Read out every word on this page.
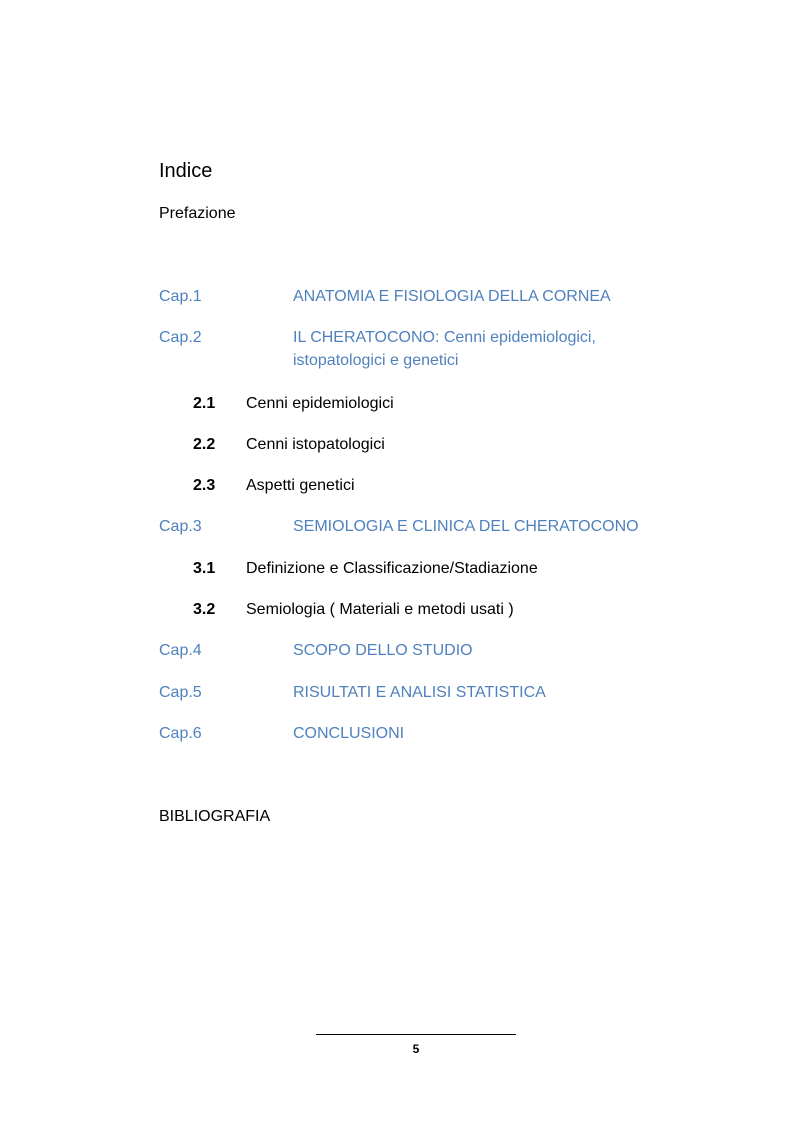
Indice
Prefazione
Cap.1	ANATOMIA E FISIOLOGIA DELLA CORNEA
Cap.2	IL CHERATOCONO: Cenni epidemiologici,
istopatologici e genetici
2.1 Cenni epidemiologici
2.2 Cenni istopatologici
2.3 Aspetti genetici
Cap.3	SEMIOLOGIA E CLINICA DEL CHERATOCONO
3.1 Definizione e Classificazione/Stadiazione
3.2 Semiologia ( Materiali e metodi usati )
Cap.4	SCOPO DELLO STUDIO
Cap.5	RISULTATI E ANALISI STATISTICA
Cap.6	CONCLUSIONI
BIBLIOGRAFIA
5
